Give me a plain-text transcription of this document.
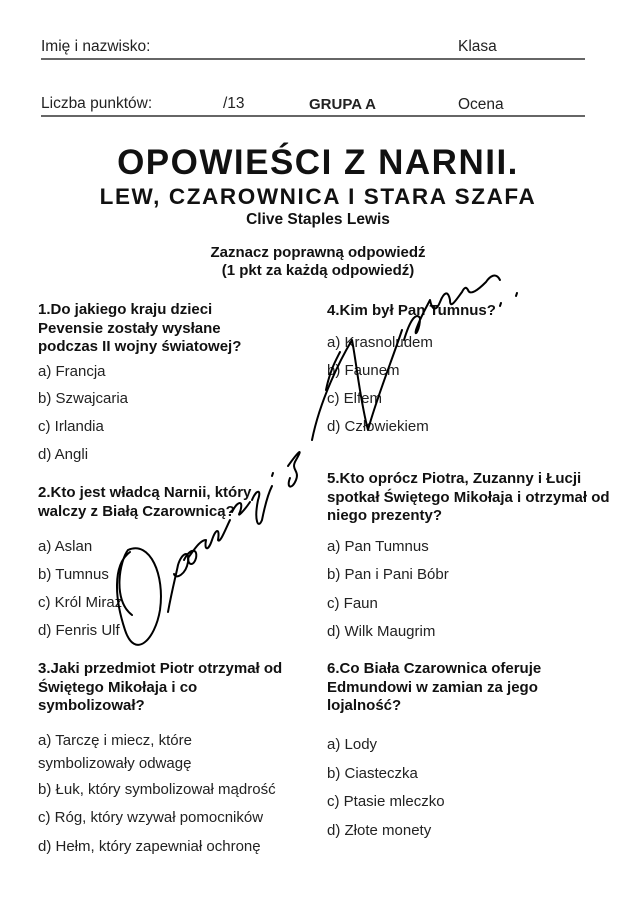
Imię i nazwisko:	Klasa
Liczba punktów:	/13	GRUPA A	Ocena
OPOWIEŚCI Z NARNII.
LEW, CZAROWNICA I STARA SZAFA
Clive Staples Lewis
Zaznacz poprawną odpowiedź
(1 pkt za każdą odpowiedź)
1.Do jakiego kraju dzieci Pevensie zostały wysłane podczas II wojny światowej?
a) Francja
b) Szwajcaria
c) Irlandia
d) Angli
2.Kto jest władcą Narnii, który walczy z Białą Czarownicą?
a) Aslan
b) Tumnus
c) Król Miraz
d) Fenris Ulf
3.Jaki przedmiot Piotr otrzymał od Świętego Mikołaja i co symbolizował?
a) Tarczę i miecz, które symbolizowały odwagę
b) Łuk, który symbolizował mądrość
c) Róg, który wzywał pomocników
d) Hełm, który zapewniał ochronę
4.Kim był Pan Tumnus?
a) Krasnoludem
b) Faunem
c) Elfem
d) Człowiekiem
5.Kto oprócz Piotra, Zuzanny i Łucji spotkał Świętego Mikołaja i otrzymał od niego prezenty?
a) Pan Tumnus
b) Pan i Pani Bóbr
c) Faun
d) Wilk Maugrim
6.Co Biała Czarownica oferuje Edmundowi w zamian za jego lojalność?
a) Lody
b) Ciasteczka
c) Ptasie mleczko
d) Złote monety
